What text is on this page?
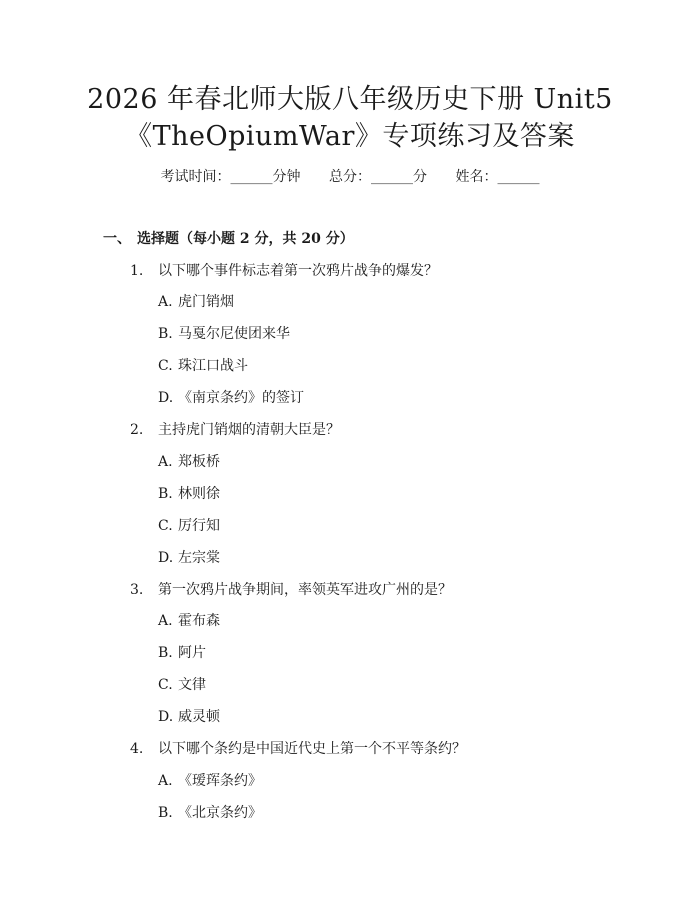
2026 年春北师大版八年级历史下册 Unit5
《TheOpiumWar》专项练习及答案
考试时间：______分钟 总分：______分 姓名：______
一、 选择题（每小题 2 分，共 20 分）
1. 以下哪个事件标志着第一次鸦片战争的爆发？
A. 虎门销烟
B. 马戛尔尼使团来华
C. 珠江口战斗
D. 《南京条约》的签订
2. 主持虎门销烟的清朝大臣是？
A. 郑板桥
B. 林则徐
C. 厉行知
D. 左宗棠
3. 第一次鸦片战争期间，率领英军进攻广州的是？
A. 霍布森
B. 阿片
C. 文律
D. 威灵顿
4. 以下哪个条约是中国近代史上第一个不平等条约？
A. 《瑷珲条约》
B. 《北京条约》
